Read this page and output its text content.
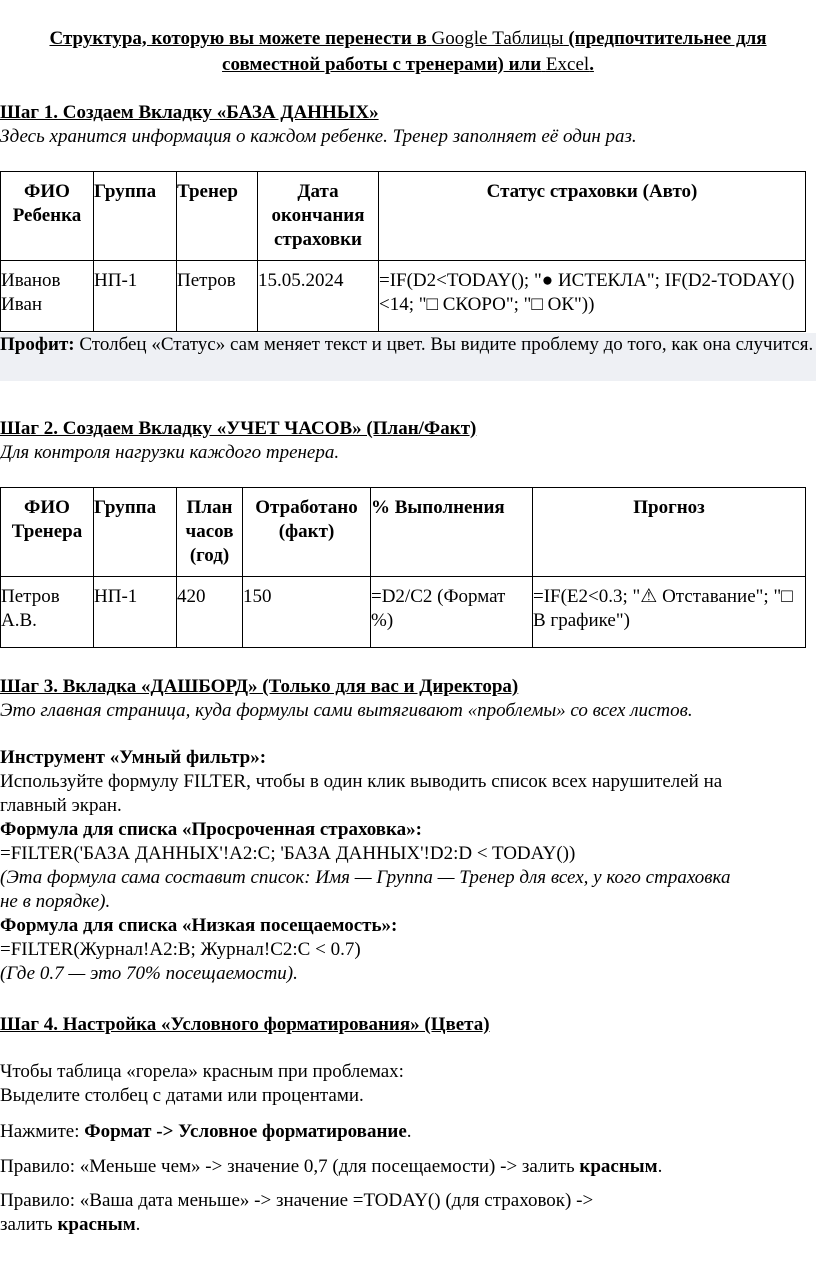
Структура, которую вы можете перенести в Google Таблицы (предпочтительнее для
совместной работы с тренерами) или Excel.
Шаг 1. Создаем Вкладку «БАЗА ДАННЫХ»
Здесь хранится информация о каждом ребенке. Тренер заполняет её один раз.
ФИО Ребенка	Группа	Тренер	Дата окончания страховки	Статус страховки (Авто)
Иванов Иван	НП-1	Петров	15.05.2024	=IF(D2<TODAY(); "● ИСТЕКЛА"; IF(D2-TODAY()<14; "□ СКОРО"; "□ ОК"))
Профит: Столбец «Статус» сам меняет текст и цвет. Вы видите проблему до того, как она случится.
Шаг 2. Создаем Вкладку «УЧЕТ ЧАСОВ» (План/Факт)
Для контроля нагрузки каждого тренера.
ФИО Тренера	Группа	План часов (год)	Отработано (факт)	% Выполнения	Прогноз
Петров А.В.	НП-1	420	150	=D2/C2 (Формат %)	=IF(E2<0.3; "⚠ Отставание"; "□ В графике")
Шаг 3. Вкладка «ДАШБОРД» (Только для вас и Директора)
Это главная страница, куда формулы сами вытягивают «проблемы» со всех листов.
Инструмент «Умный фильтр»:
Используйте формулу FILTER, чтобы в один клик выводить список всех нарушителей на
главный экран.
Формула для списка «Просроченная страховка»:
=FILTER('БАЗА ДАННЫХ'!A2:C; 'БАЗА ДАННЫХ'!D2:D < TODAY())
(Эта формула сама составит список: Имя — Группа — Тренер для всех, у кого страховка
не в порядке).
Формула для списка «Низкая посещаемость»:
=FILTER(Журнал!A2:B; Журнал!C2:C < 0.7)
(Где 0.7 — это 70% посещаемости).
Шаг 4. Настройка «Условного форматирования» (Цвета)
Чтобы таблица «горела» красным при проблемах:
Выделите столбец с датами или процентами.
Нажмите: Формат -> Условное форматирование.
Правило: «Меньше чем» -> значение 0,7 (для посещаемости) -> залить красным.
Правило: «Ваша дата меньше» -> значение =TODAY() (для страховок) ->
залить красным.
